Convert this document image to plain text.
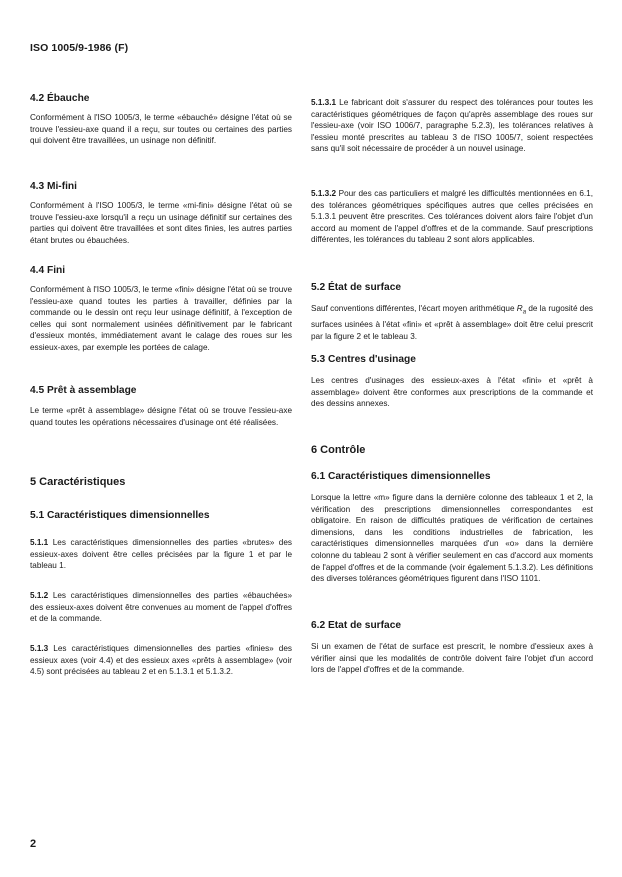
ISO 1005/9-1986 (F)
4.2 Ébauche

Conformément à l'ISO 1005/3, le terme «ébauché» désigne l'état où se trouve l'essieu-axe quand il a reçu, sur toutes ou certaines des parties qui doivent être travaillées, un usinage non définitif.

4.3 Mi-fini

Conformément à l'ISO 1005/3, le terme «mi-fini» désigne l'état où se trouve l'essieu-axe lorsqu'il a reçu un usinage définitif sur certaines des parties qui doivent être travaillées et sont dites finies, les autres parties étant brutes ou ébauchées.

4.4 Fini

Conformément à l'ISO 1005/3, le terme «fini» désigne l'état où se trouve l'essieu-axe quand toutes les parties à travailler, définies par la commande ou le dessin ont reçu leur usinage définitif, à l'exception de celles qui sont normalement usinées définitivement par le fabricant d'essieux montés, immédiatement avant le calage des roues sur les essieux-axes, par exemple les portées de calage.

4.5 Prêt à assemblage

Le terme «prêt à assemblage» désigne l'état où se trouve l'essieu-axe quand toutes les opérations nécessaires d'usinage ont été réalisées.

5 Caractéristiques
5.1 Caractéristiques dimensionnelles

5.1.1 Les caractéristiques dimensionnelles des parties «brutes» des essieux-axes doivent être celles précisées par la figure 1 et par le tableau 1.

5.1.2 Les caractéristiques dimensionnelles des parties «ébauchées» des essieux-axes doivent être convenues au moment de l'appel d'offres et de la commande.

5.1.3 Les caractéristiques dimensionnelles des parties «finies» des essieux axes (voir 4.4) et des essieux axes «prêts à assemblage» (voir 4.5) sont précisées au tableau 2 et en 5.1.3.1 et 5.1.3.2.

5.1.3.1 Le fabricant doit s'assurer du respect des tolérances pour toutes les caractéristiques géométriques de façon qu'après assemblage des roues sur l'essieu-axe (voir ISO 1006/7, paragraphe 5.2.3), les tolérances relatives à l'essieu monté prescrites au tableau 3 de l'ISO 1005/7, soient respectées sans qu'il soit nécessaire de procéder à un nouvel usinage.

5.1.3.2 Pour des cas particuliers et malgré les difficultés mentionnées en 6.1, des tolérances géométriques spécifiques autres que celles précisées en 5.1.3.1 peuvent être prescrites. Ces tolérances doivent alors faire l'objet d'un accord au moment de l'appel d'offres et de la commande. Sauf prescriptions différentes, les tolérances du tableau 2 sont alors applicables.

5.2 État de surface

Sauf conventions différentes, l'écart moyen arithmétique $R_a$ de la rugosité des surfaces usinées à l'état «fini» et «prêt à assemblage» doit être celui prescrit par la figure 2 et le tableau 3.

5.3 Centres d'usinage

Les centres d'usinages des essieux-axes à l'état «fini» et «prêt à assemblage» doivent être conformes aux prescriptions de la commande et des dessins annexes.

6 Contrôle
6.1 Caractéristiques dimensionnelles

Lorsque la lettre «m» figure dans la dernière colonne des tableaux 1 et 2, la vérification des prescriptions dimensionnelles correspondantes est obligatoire. En raison de difficultés pratiques de vérification de certaines dimensions, dans les conditions industrielles de fabrication, les caractéristiques dimensionnelles marquées d'un «o» dans la dernière colonne du tableau 2 sont à vérifier seulement en cas d'accord aux moments de l'appel d'offres et de la commande (voir également 5.1.3.2). Les définitions des diverses tolérances géométriques figurent dans l'ISO 1101.

6.2 Etat de surface

Si un examen de l'état de surface est prescrit, le nombre d'essieux axes à vérifier ainsi que les modalités de contrôle doivent faire l'objet d'un accord lors de l'appel d'offres et de la commande.

2
